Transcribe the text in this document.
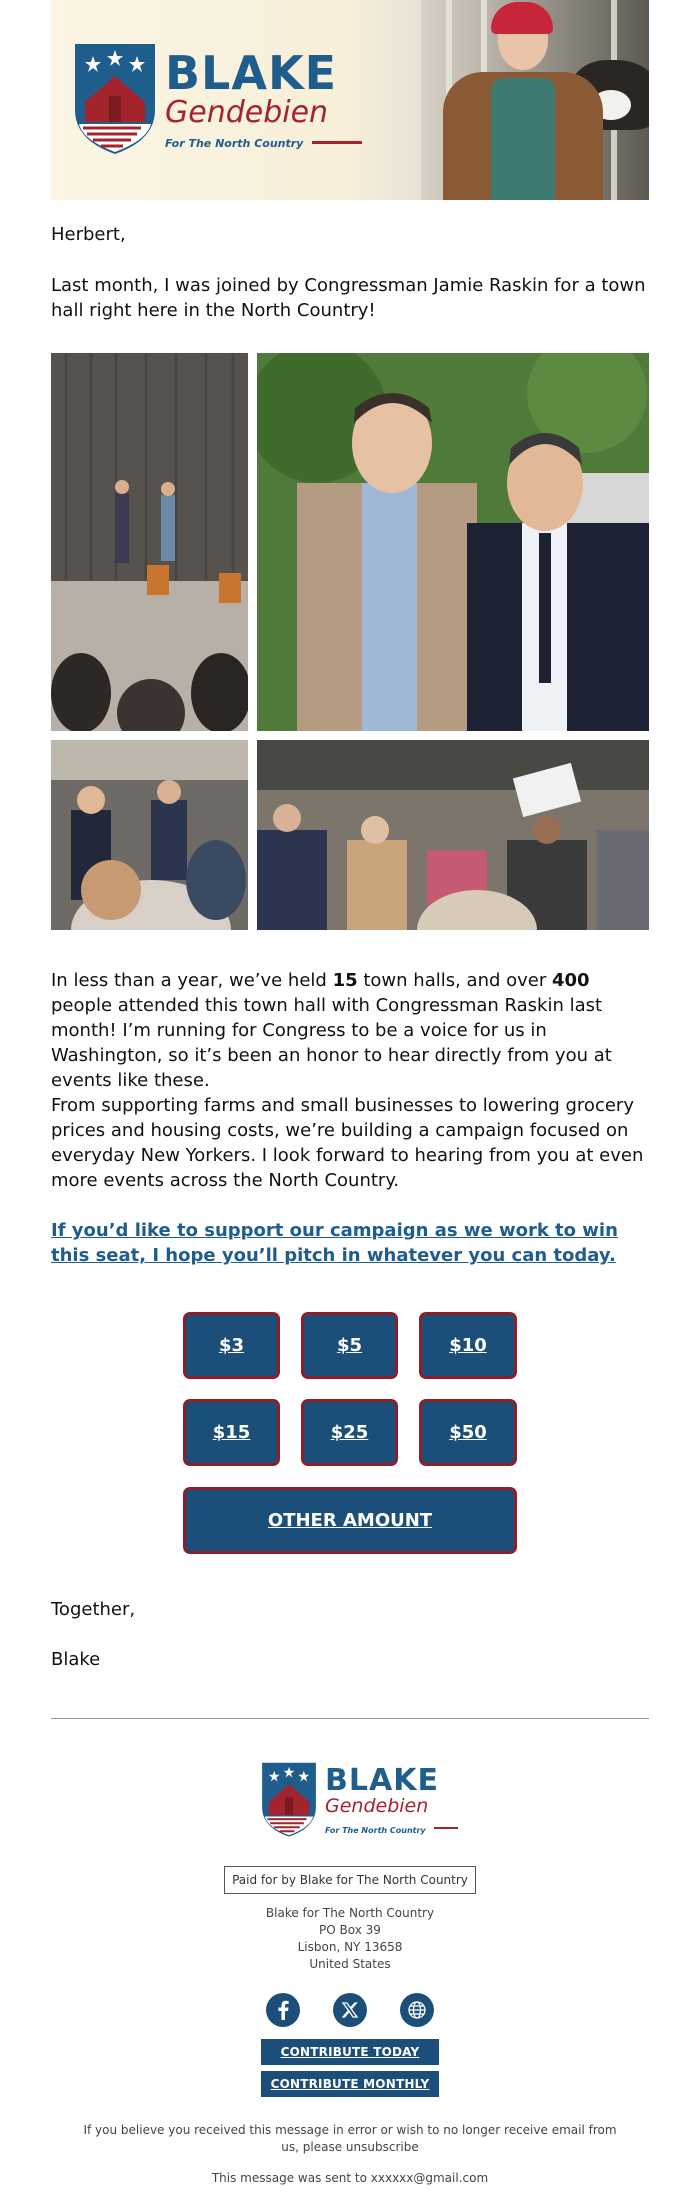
BLAKE
Gendebien
For The North Country
Herbert,
Last month, I was joined by Congressman Jamie Raskin for a town hall right here in the North Country!
In less than a year, we’ve held 15 town halls, and over 400 people attended this town hall with Congressman Raskin last month! I’m running for Congress to be a voice for us in Washington, so it’s been an honor to hear directly from you at events like these.
From supporting farms and small businesses to lowering grocery prices and housing costs, we’re building a campaign focused on everyday New Yorkers. I look forward to hearing from you at even more events across the North Country.
If you’d like to support our campaign as we work to win this seat, I hope you’ll pitch in whatever you can today.
$3	$5	$10
$15	$25	$50
OTHER AMOUNT
Together,
Blake
BLAKE
Gendebien
For The North Country
Paid for by Blake for The North Country
Blake for The North Country
PO Box 39
Lisbon, NY 13658
United States
CONTRIBUTE TODAY
CONTRIBUTE MONTHLY
If you believe you received this message in error or wish to no longer receive email from us, please unsubscribe
This message was sent to xxxxxx@gmail.com
